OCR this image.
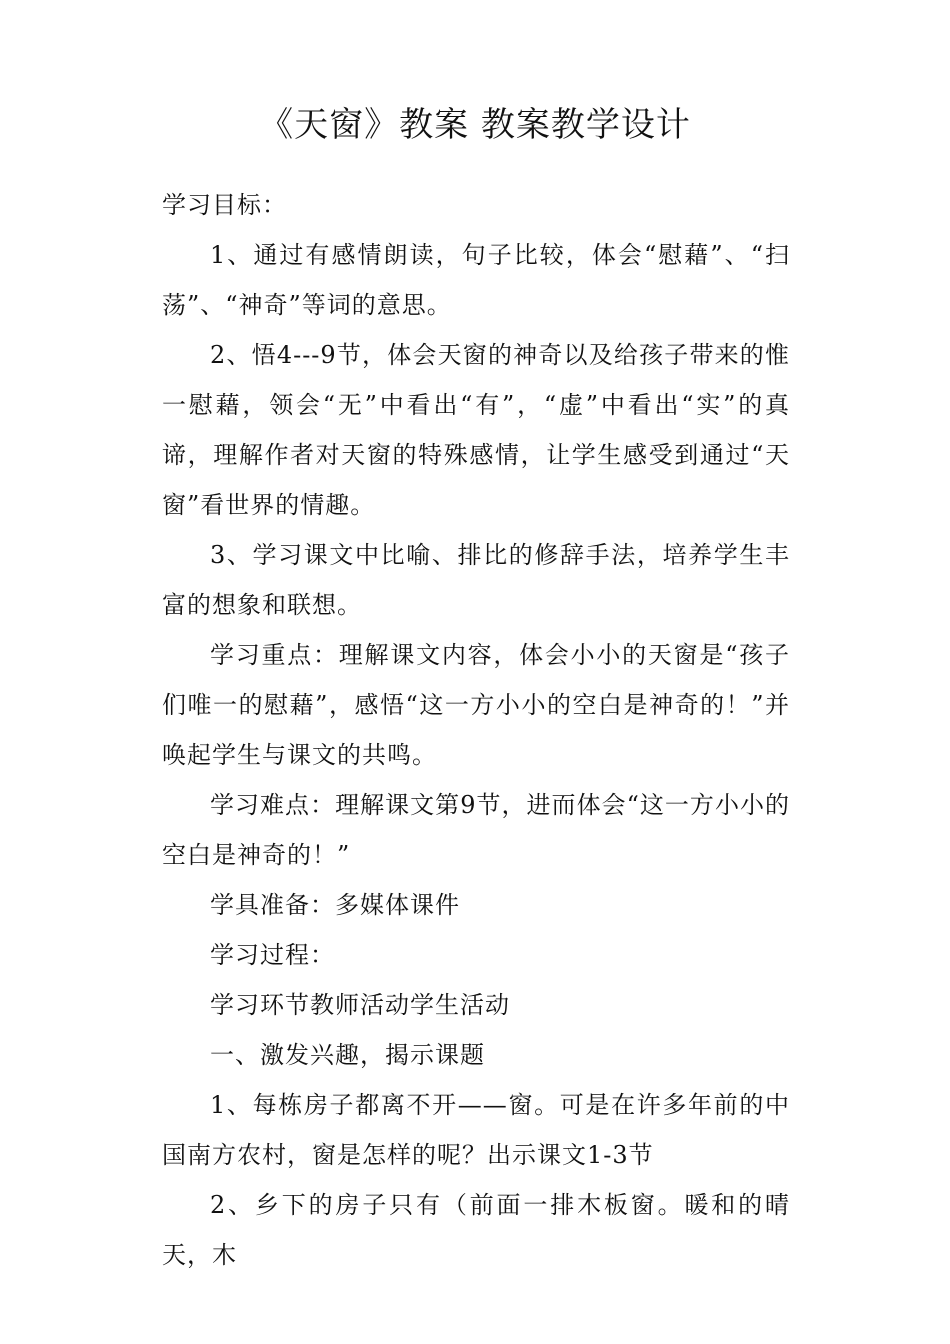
《天窗》教案 教案教学设计

学习目标：

1、通过有感情朗读，句子比较，体会“慰藉”、“扫荡”、“神奇”等词的意思。

2、悟4---9节，体会天窗的神奇以及给孩子带来的惟一慰藉，领会“无”中看出“有”，“虚”中看出“实”的真谛，理解作者对天窗的特殊感情，让学生感受到通过“天窗”看世界的情趣。

3、学习课文中比喻、排比的修辞手法，培养学生丰富的想象和联想。

学习重点：理解课文内容，体会小小的天窗是“孩子们唯一的慰藉”，感悟“这一方小小的空白是神奇的！”并唤起学生与课文的共鸣。

学习难点：理解课文第9节，进而体会“这一方小小的空白是神奇的！”

学具准备：多媒体课件

学习过程：

学习环节教师活动学生活动

一、激发兴趣，揭示课题

1、每栋房子都离不开——窗。可是在许多年前的中国南方农村，窗是怎样的呢？出示课文1-3节

2、乡下的房子只有（前面一排木板窗。暖和的晴天，木
